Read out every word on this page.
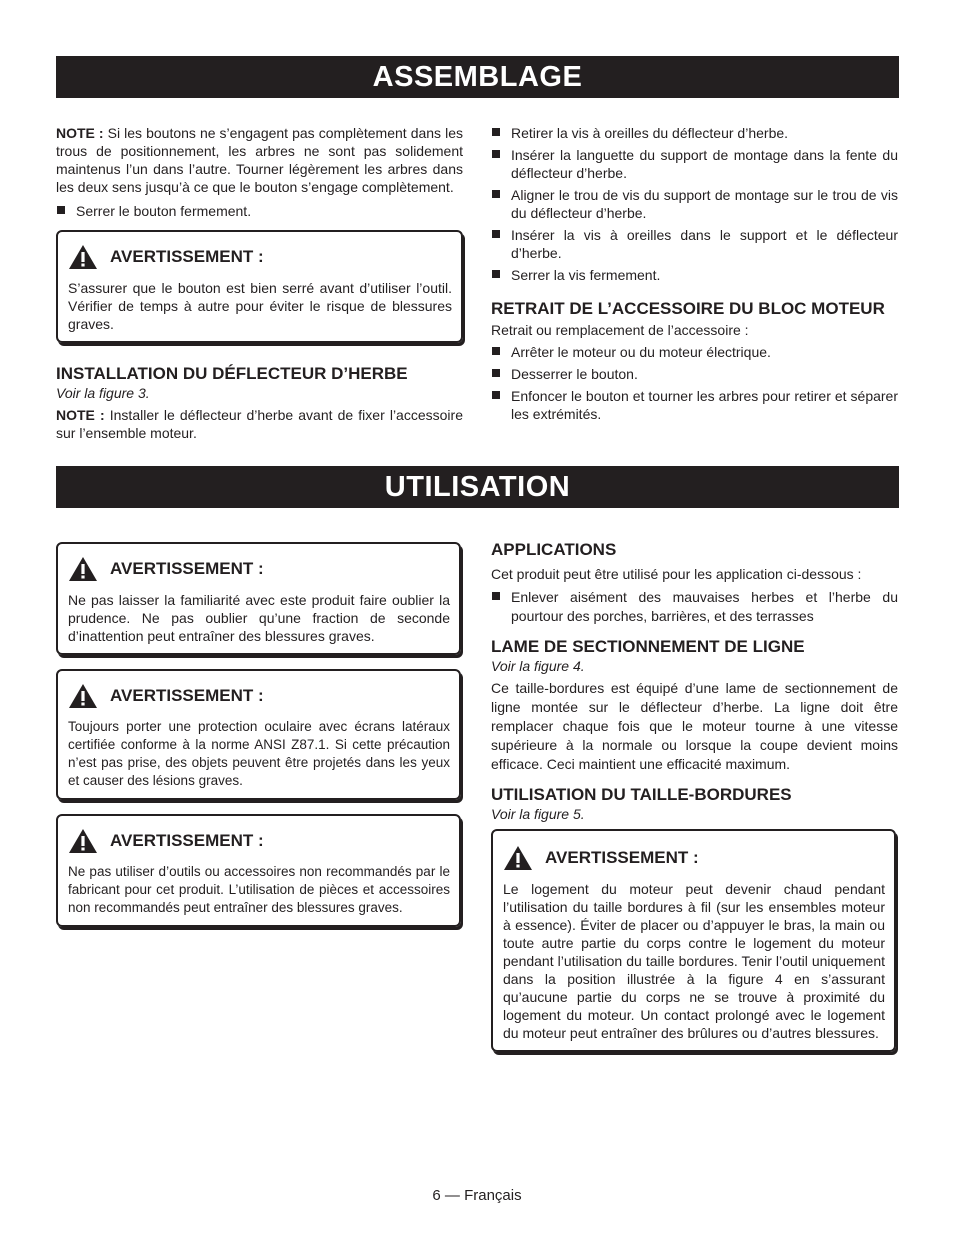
ASSEMBLAGE

NOTE : Si les boutons ne s’engagent pas complètement dans les trous de positionnement, les arbres ne sont pas solidement maintenus l’un dans l’autre. Tourner légèrement les arbres dans les deux sens jusqu’à ce que le bouton s’engage complètement.

Serrer le bouton fermement.
AVERTISSEMENT :

S’assurer que le bouton est bien serré avant d’utiliser l’outil. Vérifier de temps à autre pour éviter le risque de blessures graves.

INSTALLATION DU DÉFLECTEUR D’HERBE

Voir la figure 3.

NOTE : Installer le déflecteur d’herbe avant de fixer l’accessoire sur l’ensemble moteur.

Retirer la vis à oreilles du déflecteur d’herbe.
Insérer la languette du support de montage dans la fente du déflecteur d’herbe.
Aligner le trou de vis du support de montage sur le trou de vis du déflecteur d’herbe.
Insérer la vis à oreilles dans le support et le déflecteur d’herbe.
Serrer la vis fermement.
RETRAIT DE L’ACCESSOIRE DU BLOC MOTEUR

Retrait ou remplacement de l’accessoire :

Arrêter le moteur ou du moteur électrique.
Desserrer le bouton.
Enfoncer le bouton et tourner les arbres pour retirer et séparer les extrémités.
UTILISATION
AVERTISSEMENT :

Ne pas laisser la familiarité avec este produit faire oublier la prudence. Ne pas oublier qu’une fraction de seconde d’inattention peut entraîner des blessures graves.

AVERTISSEMENT :

Toujours porter une protection oculaire avec écrans latéraux certifiée conforme à la norme ANSI Z87.1. Si cette précaution n’est pas prise, des objets peuvent être projetés dans les yeux et causer des lésions graves.

AVERTISSEMENT :

Ne pas utiliser d’outils ou accessoires non recommandés par le fabricant pour cet produit. L’utilisation de pièces et accessoires non recommandés peut entraîner des blessures graves.

APPLICATIONS

Cet produit peut être utilisé pour les application ci-dessous :

Enlever aisément des mauvaises herbes et l’herbe du pourtour des porches, barrières, et des terrasses
LAME DE SECTIONNEMENT DE LIGNE

Voir la figure 4.

Ce taille-bordures est équipé d’une lame de sectionnement de ligne montée sur le déflecteur d’herbe. La ligne doit être remplacer chaque fois que le moteur tourne à une vitesse supérieure à la normale ou lorsque la coupe devient moins efficace. Ceci maintient une efficacité maximum.

UTILISATION DU TAILLE-BORDURES

Voir la figure 5.

AVERTISSEMENT :

Le logement du moteur peut devenir chaud pendant l’utilisation du taille bordures à fil (sur les ensembles moteur à essence). Éviter de placer ou d’appuyer le bras, la main ou toute autre partie du corps contre le logement du moteur pendant l’utilisation du taille bordures. Tenir l’outil uniquement dans la position illustrée à la figure 4 en s’assurant qu’aucune partie du corps ne se trouve à proximité du logement du moteur. Un contact prolongé avec le logement du moteur peut entraîner des brûlures ou d’autres blessures.

6 — Français
